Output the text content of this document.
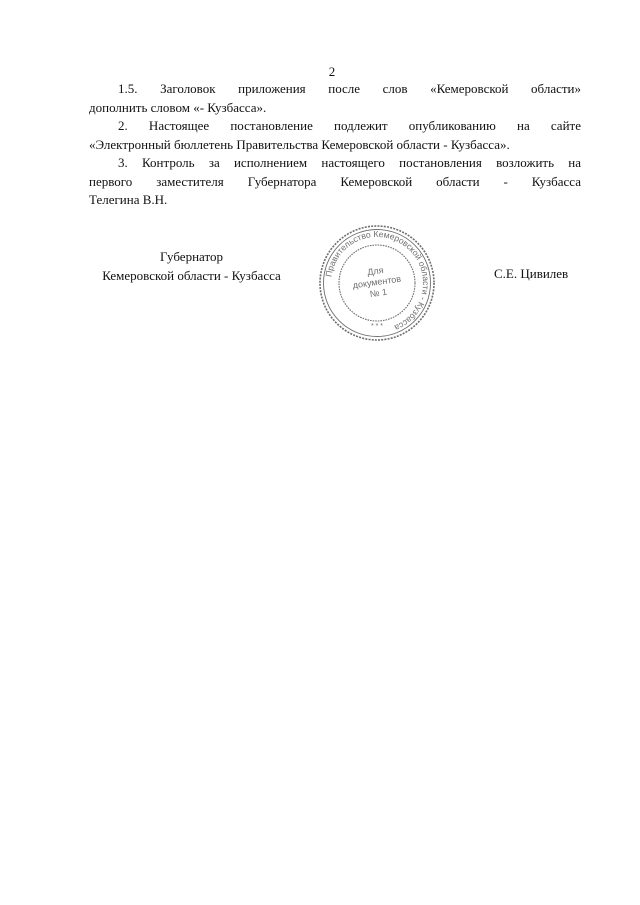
2
1.5. Заголовок приложения после слов «Кемеровской области»
дополнить словом «- Кузбасса».
2. Настоящее постановление подлежит опубликованию на сайте
«Электронный бюллетень Правительства Кемеровской области - Кузбасса».
3. Контроль за исполнением настоящего постановления возложить на
первого заместителя Губернатора Кемеровской области - Кузбасса
Телегина В.Н.
Губернатор
Кемеровской области - Кузбасса	С.Е. Цивилев
Правительство Кемеровской области - Кузбасса
* * *
Для
документов
№ 1
